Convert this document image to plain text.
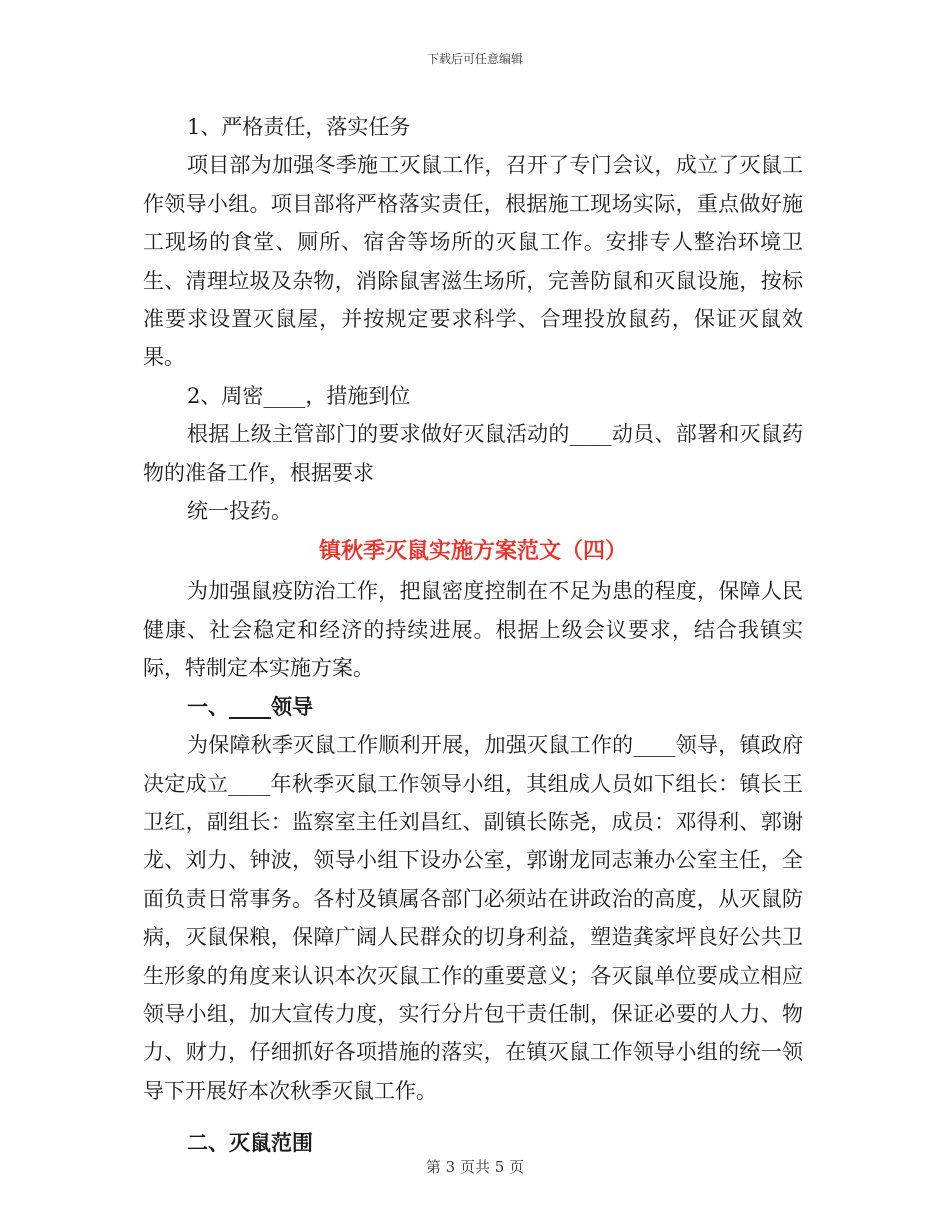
下载后可任意编辑

1、严格责任，落实任务

项目部为加强冬季施工灭鼠工作，召开了专门会议，成立了灭鼠工作领导小组。项目部将严格落实责任，根据施工现场实际，重点做好施工现场的食堂、厕所、宿舍等场所的灭鼠工作。安排专人整治环境卫生、清理垃圾及杂物，消除鼠害滋生场所，完善防鼠和灭鼠设施，按标准要求设置灭鼠屋，并按规定要求科学、合理投放鼠药，保证灭鼠效果。

2、周密____，措施到位

根据上级主管部门的要求做好灭鼠活动的____动员、部署和灭鼠药物的准备工作，根据要求

统一投药。

镇秋季灭鼠实施方案范文（四）

为加强鼠疫防治工作，把鼠密度控制在不足为患的程度，保障人民健康、社会稳定和经济的持续进展。根据上级会议要求，结合我镇实际，特制定本实施方案。

一、____领导

为保障秋季灭鼠工作顺利开展，加强灭鼠工作的____领导，镇政府决定成立____年秋季灭鼠工作领导小组，其组成人员如下组长：镇长王卫红，副组长：监察室主任刘昌红、副镇长陈尧，成员：邓得利、郭谢龙、刘力、钟波，领导小组下设办公室，郭谢龙同志兼办公室主任，全面负责日常事务。各村及镇属各部门必须站在讲政治的高度，从灭鼠防病，灭鼠保粮，保障广阔人民群众的切身利益，塑造龚家坪良好公共卫生形象的角度来认识本次灭鼠工作的重要意义；各灭鼠单位要成立相应领导小组，加大宣传力度，实行分片包干责任制，保证必要的人力、物力、财力，仔细抓好各项措施的落实，在镇灭鼠工作领导小组的统一领导下开展好本次秋季灭鼠工作。

二、灭鼠范围

第 3 页共 5 页
